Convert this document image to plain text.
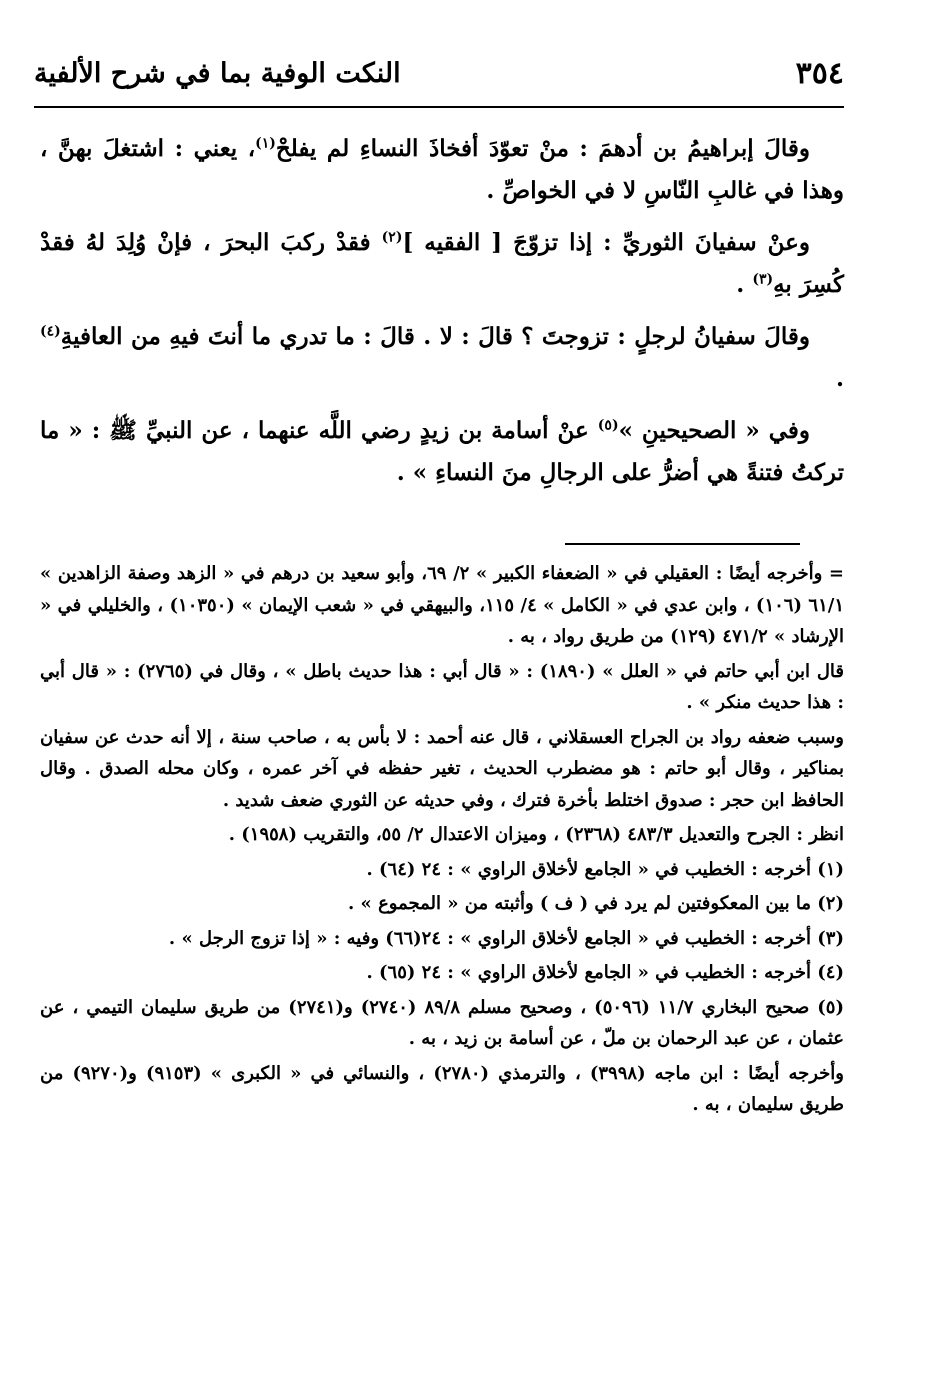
٣٥٤
النكت الوفية بما في شرح الألفية

وقالَ إبراهيمُ بن أدهمَ : منْ تعوّدَ أفخاذَ النساءِ لم يفلحْ$^{(١)}$، يعني : اشتغلَ بهنَّ ، وهذا في غالبِ النّاسِ لا في الخواصِّ .

وعنْ سفيانَ الثوريِّ : إذا تزوّجَ [ الفقيه ]$^{(٢)}$ فقدْ ركبَ البحرَ ، فإنْ وُلِدَ لهُ فقدْ كُسِرَ بهِ$^{(٣)}$ .

وقالَ سفيانُ لرجلٍ : تزوجتَ ؟ قالَ : لا . قالَ : ما تدري ما أنتَ فيهِ من العافيةِ$^{(٤)}$ .

وفي « الصحيحينِ »$^{(٥)}$ عنْ أسامة بن زيدٍ رضي اللَّه عنهما ، عن النبيِّ ﷺ : « ما تركتُ فتنةً هي أضرُّ على الرجالِ منَ النساءِ » .

= وأخرجه أيضًا : العقيلي في « الضعفاء الكبير » ٢/ ٦٩، وأبو سعيد بن درهم في « الزهد وصفة الزاهدين » ٦١/١ (١٠٦) ، وابن عدي في « الكامل » ٤/ ١١٥، والبيهقي في « شعب الإيمان » (١٠٣٥٠) ، والخليلي في « الإرشاد » ٤٧١/٢ (١٢٩) من طريق رواد ، به .

قال ابن أبي حاتم في « العلل » (١٨٩٠) : « قال أبي : هذا حديث باطل » ، وقال في (٢٧٦٥) : « قال أبي : هذا حديث منكر » .

وسبب ضعفه رواد بن الجراح العسقلاني ، قال عنه أحمد : لا بأس به ، صاحب سنة ، إلا أنه حدث عن سفيان بمناكير ، وقال أبو حاتم : هو مضطرب الحديث ، تغير حفظه في آخر عمره ، وكان محله الصدق . وقال الحافظ ابن حجر : صدوق اختلط بأخرة فترك ، وفي حديثه عن الثوري ضعف شديد .

انظر : الجرح والتعديل ٤٨٣/٣ (٢٣٦٨) ، وميزان الاعتدال ٢/ ٥٥، والتقريب (١٩٥٨) .

(١) أخرجه : الخطيب في « الجامع لأخلاق الراوي » : ٢٤ (٦٤) .

(٢) ما بين المعكوفتين لم يرد في ( ف ) وأثبته من « المجموع » .

(٣) أخرجه : الخطيب في « الجامع لأخلاق الراوي » : ٢٤(٦٦) وفيه : « إذا تزوج الرجل » .

(٤) أخرجه : الخطيب في « الجامع لأخلاق الراوي » : ٢٤ (٦٥) .

(٥) صحيح البخاري ١١/٧ (٥٠٩٦) ، وصحيح مسلم ٨٩/٨ (٢٧٤٠) و(٢٧٤١) من طريق سليمان التيمي ، عن عثمان ، عن عبد الرحمان بن ملّ ، عن أسامة بن زيد ، به .

وأخرجه أيضًا : ابن ماجه (٣٩٩٨) ، والترمذي (٢٧٨٠) ، والنسائي في « الكبرى » (٩١٥٣) و(٩٢٧٠) من طريق سليمان ، به .
